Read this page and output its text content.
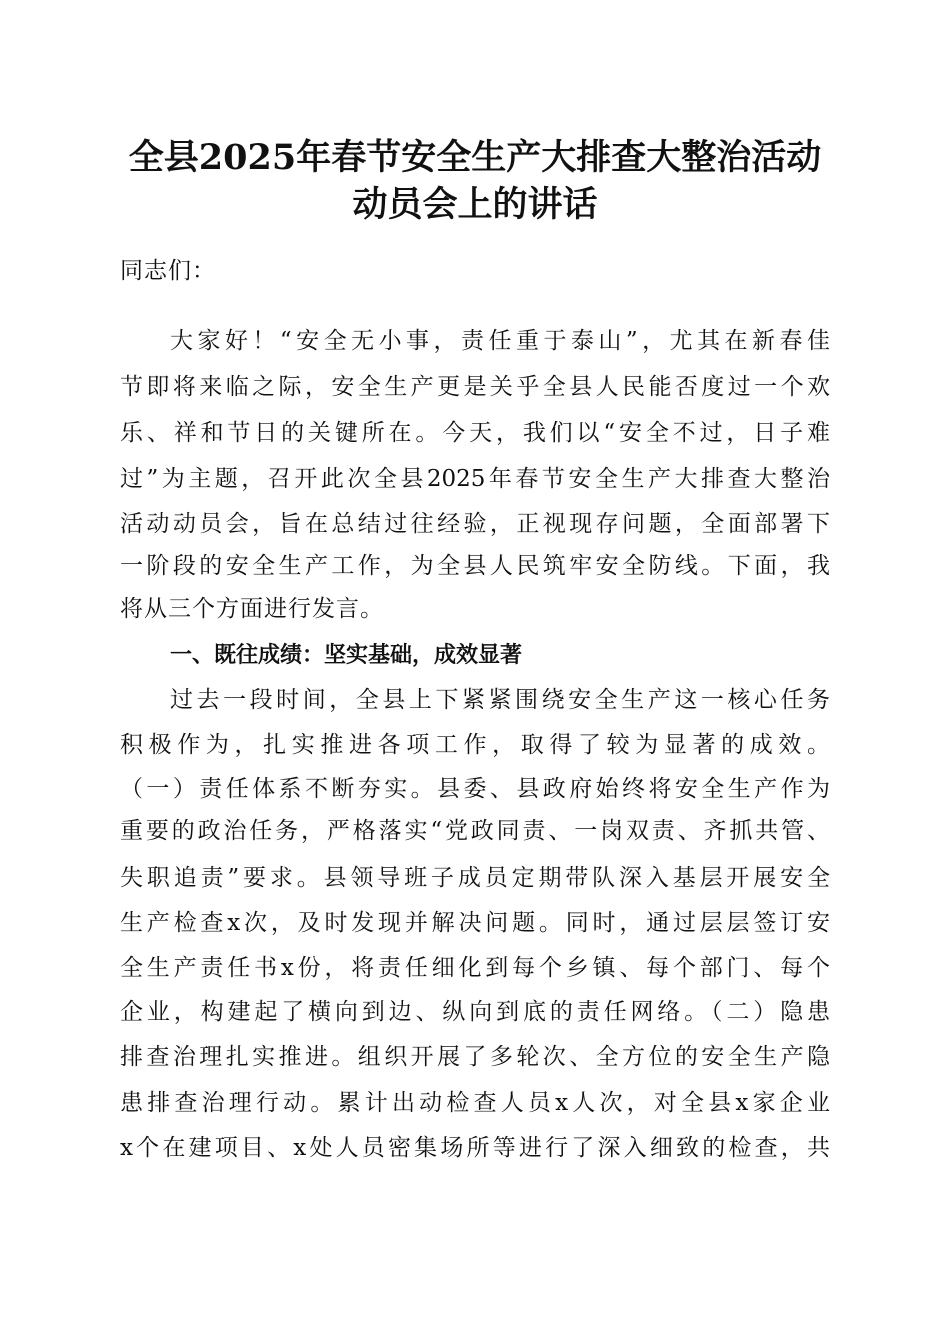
全县2025年春节安全生产大排查大整治活动
动员会上的讲话
同志们：
大家好！“安全无小事，责任重于泰山”，尤其在新春佳
节即将来临之际，安全生产更是关乎全县人民能否度过一个欢
乐、祥和节日的关键所在。今天，我们以“安全不过，日子难
过”为主题，召开此次全县2025年春节安全生产大排查大整治
活动动员会，旨在总结过往经验，正视现存问题，全面部署下
一阶段的安全生产工作，为全县人民筑牢安全防线。下面，我
将从三个方面进行发言。
一、既往成绩：坚实基础，成效显著
过去一段时间，全县上下紧紧围绕安全生产这一核心任务
积极作为，扎实推进各项工作，取得了较为显著的成效。
（一）责任体系不断夯实。县委、县政府始终将安全生产作为
重要的政治任务，严格落实“党政同责、一岗双责、齐抓共管、
失职追责”要求。县领导班子成员定期带队深入基层开展安全
生产检查x次，及时发现并解决问题。同时，通过层层签订安
全生产责任书x份，将责任细化到每个乡镇、每个部门、每个
企业，构建起了横向到边、纵向到底的责任网络。（二）隐患
排查治理扎实推进。组织开展了多轮次、全方位的安全生产隐
患排查治理行动。累计出动检查人员x人次，对全县x家企业
x个在建项目、x处人员密集场所等进行了深入细致的检查，共
